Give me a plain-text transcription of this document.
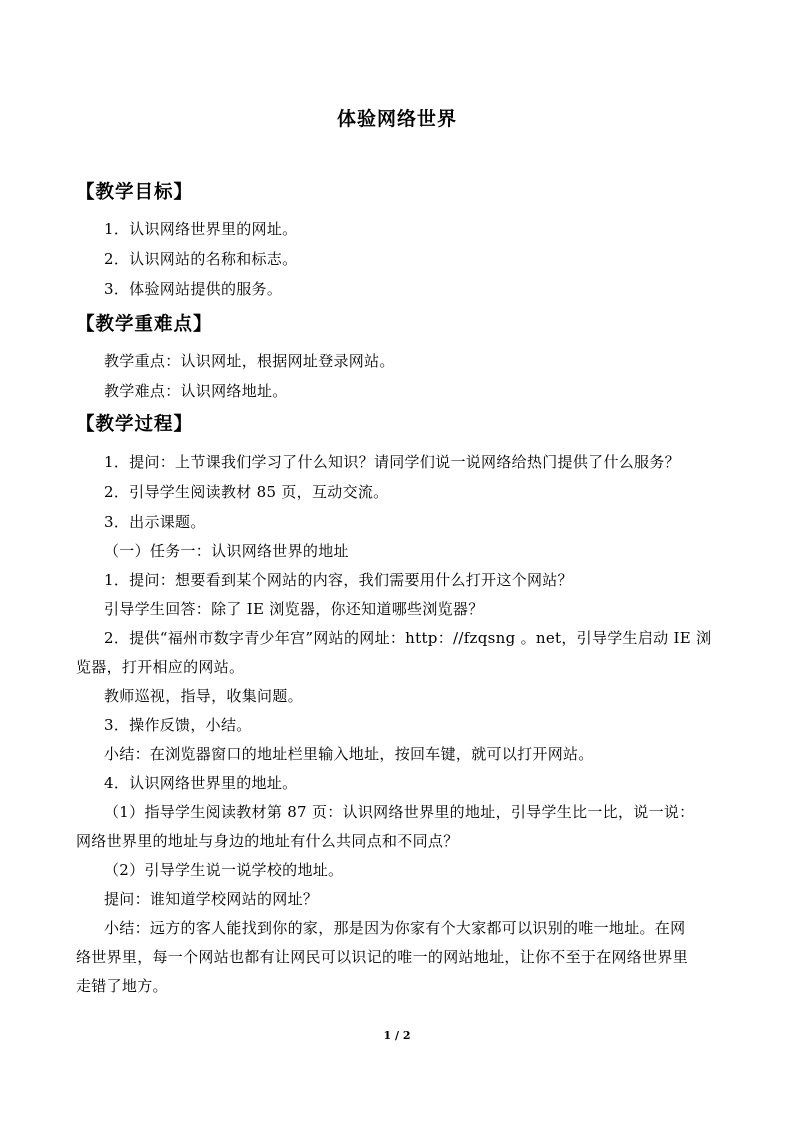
体验网络世界
【教学目标】
1．认识网络世界里的网址。
2．认识网站的名称和标志。
3．体验网站提供的服务。
【教学重难点】
教学重点：认识网址，根据网址登录网站。
教学难点：认识网络地址。
【教学过程】
1．提问：上节课我们学习了什么知识？请同学们说一说网络给热门提供了什么服务？
2．引导学生阅读教材 85 页，互动交流。
3．出示课题。
（一）任务一：认识网络世界的地址
1．提问：想要看到某个网站的内容，我们需要用什么打开这个网站？
引导学生回答：除了 IE 浏览器，你还知道哪些浏览器？
2．提供“福州市数字青少年宫”网站的网址：http：//fzqsng 。net，引导学生启动 IE 浏
览器，打开相应的网站。
教师巡视，指导，收集问题。
3．操作反馈，小结。
小结：在浏览器窗口的地址栏里输入地址，按回车键，就可以打开网站。
4．认识网络世界里的地址。
（1）指导学生阅读教材第 87 页：认识网络世界里的地址，引导学生比一比，说一说：
网络世界里的地址与身边的地址有什么共同点和不同点？
（2）引导学生说一说学校的地址。
提问：谁知道学校网站的网址？
小结：远方的客人能找到你的家，那是因为你家有个大家都可以识别的唯一地址。在网
络世界里，每一个网站也都有让网民可以识记的唯一的网站地址，让你不至于在网络世界里
走错了地方。
1 / 2
